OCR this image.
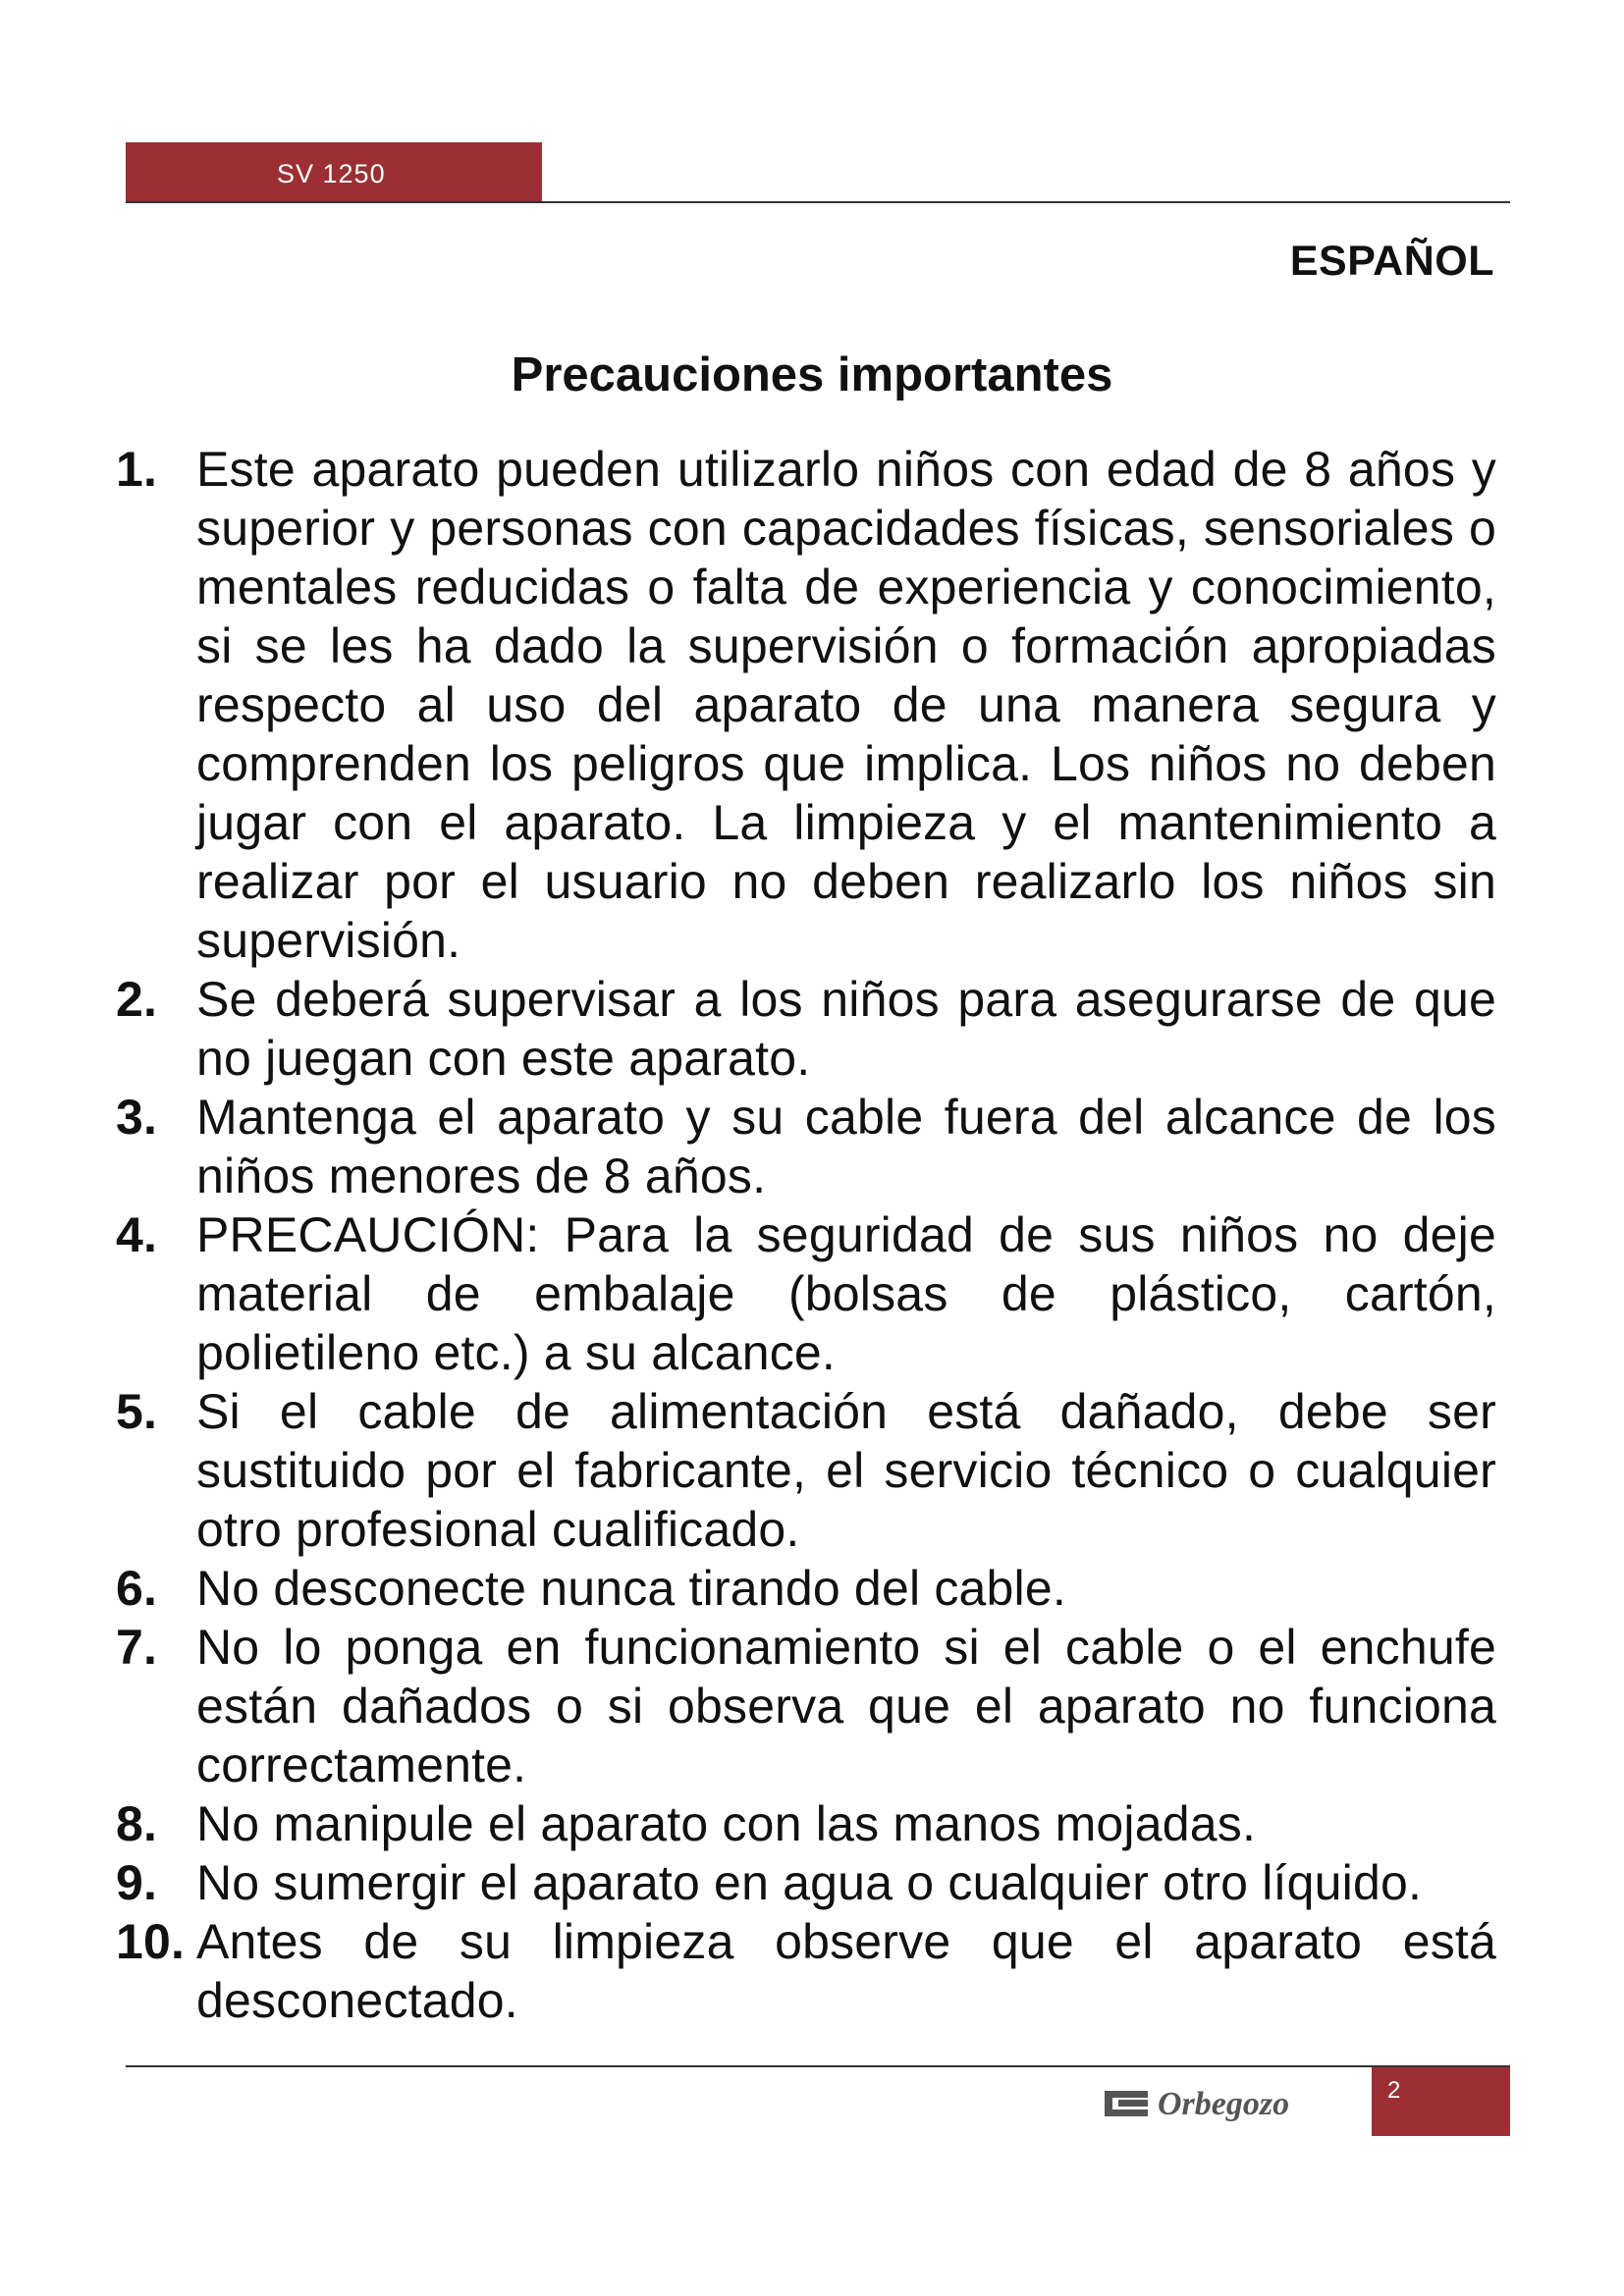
SV 1250
ESPAÑOL
Precauciones importantes
1. Este aparato pueden utilizarlo niños con edad de 8 años y superior y personas con capacidades físicas, sensoriales o mentales reducidas o falta de experiencia y conocimiento, si se les ha dado la supervisión o formación apropiadas respecto al uso del aparato de una manera segura y comprenden los peligros que implica. Los niños no deben jugar con el aparato. La limpieza y el mantenimiento a realizar por el usuario no deben realizarlo los niños sin supervisión.
2. Se deberá supervisar a los niños para asegurarse de que no juegan con este aparato.
3. Mantenga el aparato y su cable fuera del alcance de los niños menores de 8 años.
4. PRECAUCIÓN: Para la seguridad de sus niños no deje material de embalaje (bolsas de plástico, cartón, polietileno etc.) a su alcance.
5. Si el cable de alimentación está dañado, debe ser sustituido por el fabricante, el servicio técnico o cualquier otro profesional cualificado.
6. No desconecte nunca tirando del cable.
7. No lo ponga en funcionamiento si el cable o el enchufe están dañados o si observa que el aparato no funciona correctamente.
8. No manipule el aparato con las manos mojadas.
9. No sumergir el aparato en agua o cualquier otro líquido.
10. Antes de su limpieza observe que el aparato está desconectado.
Orbegozo	2
